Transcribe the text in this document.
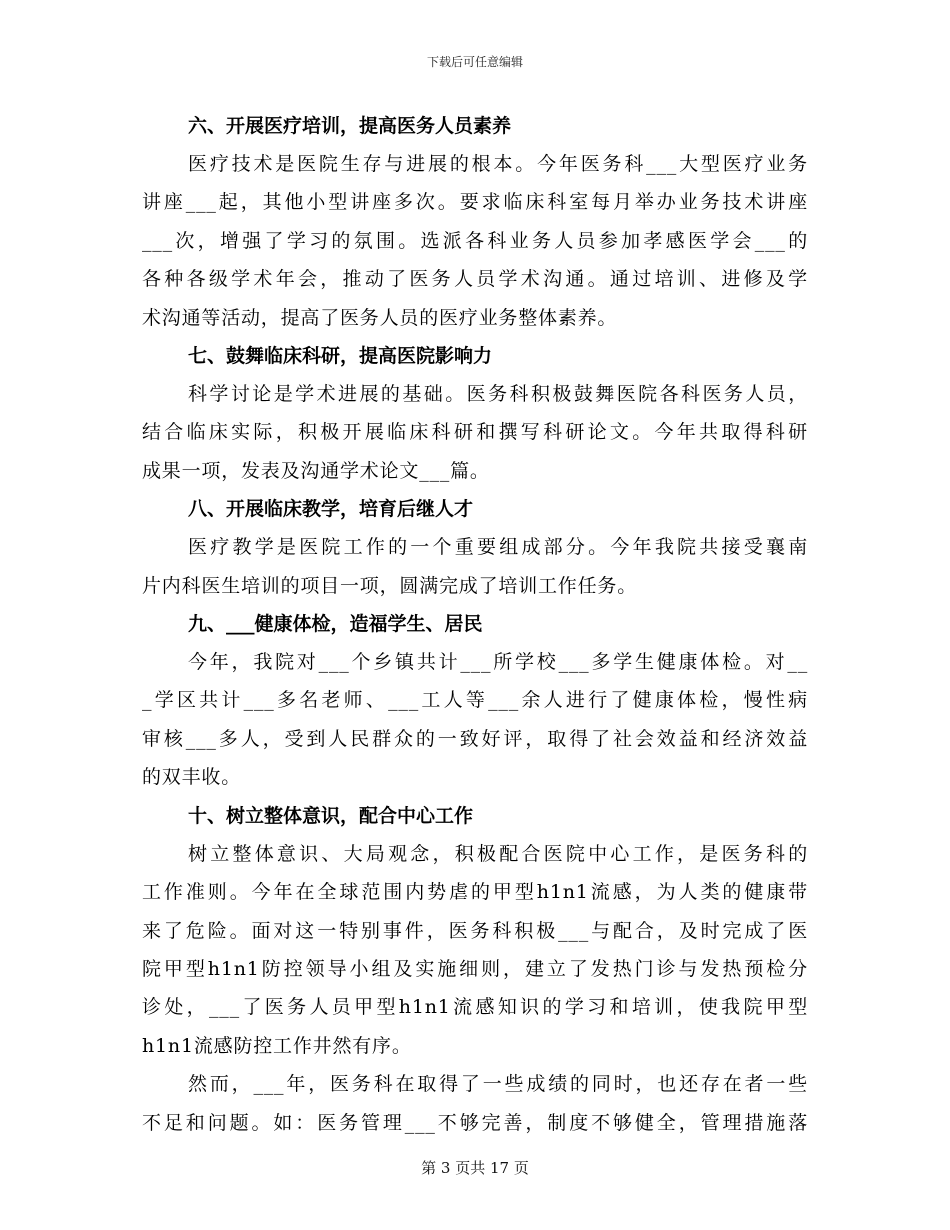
下载后可任意编辑
六、开展医疗培训，提高医务人员素养
医疗技术是医院生存与进展的根本。今年医务科___大型医疗业务
讲座___起，其他小型讲座多次。要求临床科室每月举办业务技术讲座
___次，增强了学习的氛围。选派各科业务人员参加孝感医学会___的
各种各级学术年会，推动了医务人员学术沟通。通过培训、进修及学
术沟通等活动，提高了医务人员的医疗业务整体素养。
七、鼓舞临床科研，提高医院影响力
科学讨论是学术进展的基础。医务科积极鼓舞医院各科医务人员，
结合临床实际，积极开展临床科研和撰写科研论文。今年共取得科研
成果一项，发表及沟通学术论文___篇。
八、开展临床教学，培育后继人才
医疗教学是医院工作的一个重要组成部分。今年我院共接受襄南
片内科医生培训的项目一项，圆满完成了培训工作任务。
九、___健康体检，造福学生、居民
今年，我院对___个乡镇共计___所学校___多学生健康体检。对__
_学区共计___多名老师、___工人等___余人进行了健康体检，慢性病
审核___多人，受到人民群众的一致好评，取得了社会效益和经济效益
的双丰收。
十、树立整体意识，配合中心工作
树立整体意识、大局观念，积极配合医院中心工作，是医务科的
工作准则。今年在全球范围内势虐的甲型h1n1流感，为人类的健康带
来了危险。面对这一特别事件，医务科积极___与配合，及时完成了医
院甲型h1n1防控领导小组及实施细则，建立了发热门诊与发热预检分
诊处，___了医务人员甲型h1n1流感知识的学习和培训，使我院甲型
h1n1流感防控工作井然有序。
然而，___年，医务科在取得了一些成绩的同时，也还存在者一些
不足和问题。如：医务管理___不够完善，制度不够健全，管理措施落
第 3 页共 17 页
